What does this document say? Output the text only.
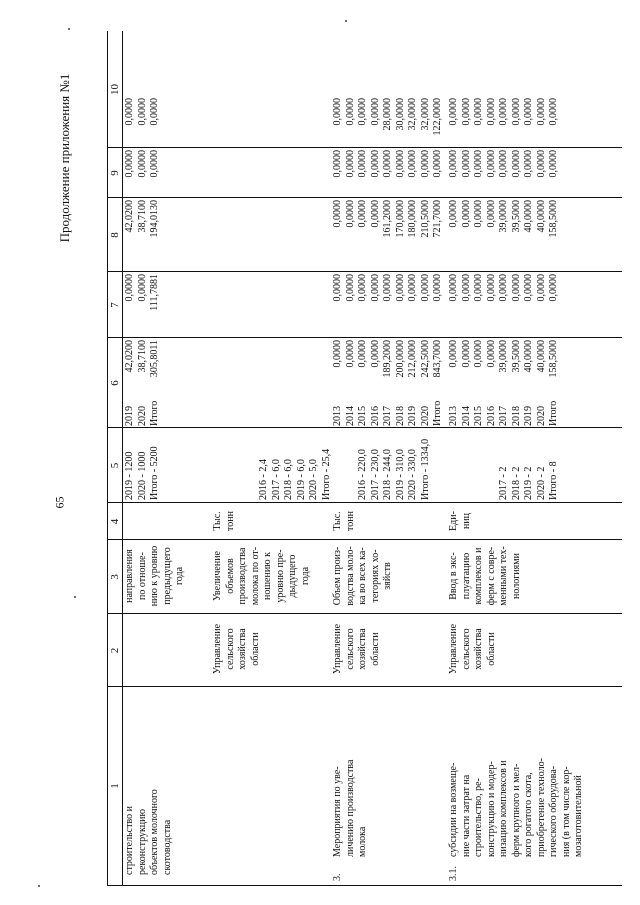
65
Продолжение приложения №1
1
2
3
4
5
6
7
8
9
10
строительство и
реконструкцию
объектов молочного
скотоводства
направления
по отноше-
нию к уровню
предыдущего
года
2019 - 1200
2020 - 1000
Итого - 5200
2019
2020
Итого
42,0200
38,7100
305,8011
0,0000
0,0000
111,7881
42,0200
38,7100
194,0130
0,0000
0,0000
0,0000
0,0000
0,0000
0,0000
Управление
сельского
хозяйства
области
Увеличение
объемов
производства
молока по от-
ношению к
уровню пре-
дыдущего
года
Тыс.
тонн
2016 - 2,4
2017 - 6,0
2018 - 6,0
2019 - 6,0
2020 - 5,0
Итого - 25,4
3.
Мероприятия по уве-
личению производства
молока
Управление
сельского
хозяйства
области
Объем произ-
водства моло-
ка во всех ка-
тегориях хо-
зяйств
Тыс.
тонн
2016 - 220,0
2017 - 230,0
2018 - 244,0
2019 - 310,0
2020 - 330,0
Итого - 1334,0
2013
2014
2015
2016
2017
2018
2019
2020
Итого
0,0000
0,0000
0,0000
0,0000
189,2000
200,0000
212,0000
242,5000
843,7000
0,0000
0,0000
0,0000
0,0000
0,0000
0,0000
0,0000
0,0000
0,0000
0,0000
0,0000
0,0000
0,0000
161,2000
170,0000
180,0000
210,5000
721,7000
0,0000
0,0000
0,0000
0,0000
0,0000
0,0000
0,0000
0,0000
0,0000
0,0000
0,0000
0,0000
0,0000
28,0000
30,0000
32,0000
32,0000
122,0000
3.1.
субсидии на возмеще-
ние части затрат на
строительство, ре-
конструкцию и модер-
низацию комплексов и
ферм крупного и мел-
кого рогатого скота,
приобретение техноло-
гического оборудова-
ния (в том числе кор-
мозаготовительной
Управление
сельского
хозяйства
области
Ввод в экс-
плуатацию
комплексов и
ферм с совре-
менными тех-
нологиями
Еди-
ниц
2017 - 2
2018 - 2
2019 - 2
2020 - 2
Итого - 8
2013
2014
2015
2016
2017
2018
2019
2020
Итого
0,0000
0,0000
0,0000
0,0000
39,0000
39,5000
40,0000
40,0000
158,5000
0,0000
0,0000
0,0000
0,0000
0,0000
0,0000
0,0000
0,0000
0,0000
0,0000
0,0000
0,0000
0,0000
39,0000
39,5000
40,0000
40,0000
158,5000
0,0000
0,0000
0,0000
0,0000
0,0000
0,0000
0,0000
0,0000
0,0000
0,0000
0,0000
0,0000
0,0000
0,0000
0,0000
0,0000
0,0000
0,0000
